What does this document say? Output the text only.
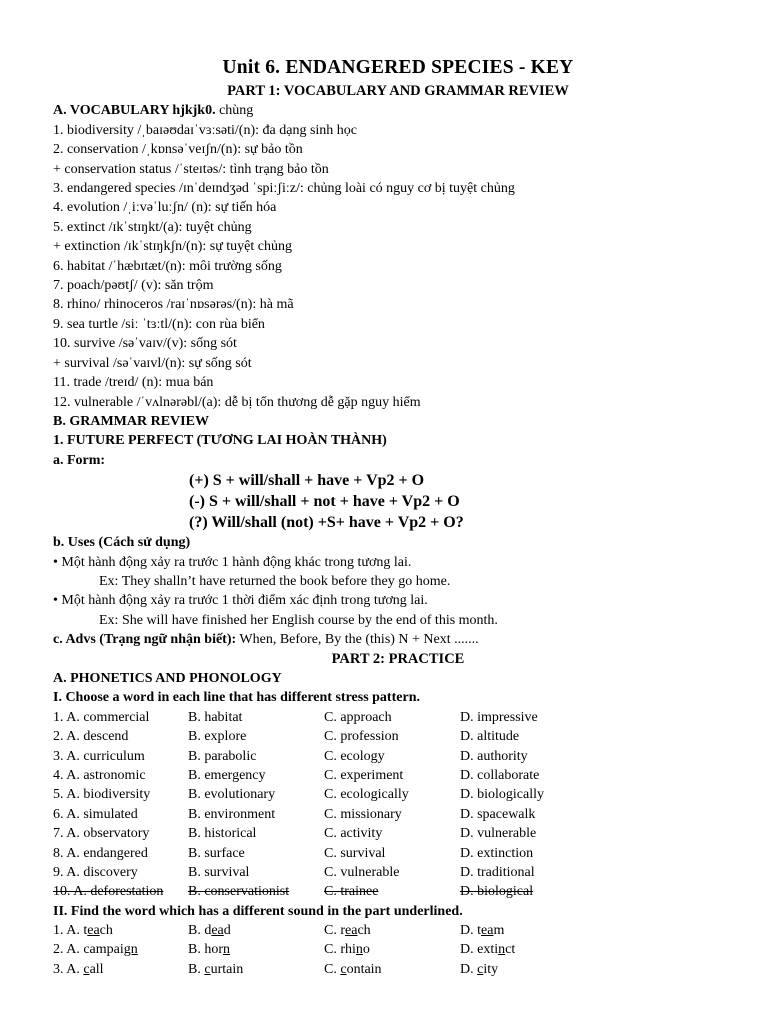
Unit 6. ENDANGERED SPECIES - KEY

PART 1: VOCABULARY AND GRAMMAR REVIEW

A. VOCABULARY hjkjk0. chùng

1. biodiversity /ˌbaɪəʊdaɪˈvɜːsəti/(n): đa dạng sinh học

2. conservation /ˌkɒnsəˈveɪʃn/(n): sự bảo tồn

+ conservation status /ˈsteɪtəs/: tình trạng bảo tồn

3. endangered species /ɪnˈdeɪndʒəd ˈspiːʃiːz/: chủng loài có nguy cơ bị tuyệt chủng

4. evolution /ˌiːvəˈluːʃn/ (n): sự tiến hóa

5. extinct /ɪkˈstɪŋkt/(a): tuyệt chủng

+ extinction /ɪkˈstɪŋkʃn/(n): sự tuyệt chủng

6. habitat /ˈhæbɪtæt/(n): môi trường sống

7. poach/pəʊtʃ/ (v): săn trộm

8. rhino/ rhinoceros /raɪˈnɒsərəs/(n): hà mã

9. sea turtle /siː ˈtɜːtl/(n): con rùa biển

10. survive /səˈvaɪv/(v): sống sót

+ survival /səˈvaɪvl/(n): sự sống sót

11. trade /treɪd/ (n): mua bán

12. vulnerable /ˈvʌlnərəbl/(a): dễ bị tổn thương dễ gặp nguy hiểm

B. GRAMMAR REVIEW

1. FUTURE PERFECT (TƯƠNG LAI HOÀN THÀNH)

a. Form:

(+) S + will/shall + have + Vp2 + O

(-) S + will/shall + not + have + Vp2 + O

(?) Will/shall (not) +S+ have + Vp2 + O?

b. Uses (Cách sử dụng)

• Một hành động xảy ra trước 1 hành động khác trong tương lai.

Ex: They shalln’t have returned the book before they go home.

• Một hành động xảy ra trước 1 thời điểm xác định trong tương lai.

Ex: She will have finished her English course by the end of this month.

c. Advs (Trạng ngữ nhận biết): When, Before, By the (this) N + Next .......

PART 2: PRACTICE

A. PHONETICS AND PHONOLOGY

I. Choose a word in each line that has different stress pattern.

1. A. commercial	B. habitat	C. approach	D. impressive
2. A. descend	B. explore	C. profession	D. altitude
3. A. curriculum	B. parabolic	C. ecology	D. authority
4. A. astronomic	B. emergency	C. experiment	D. collaborate
5. A. biodiversity	B. evolutionary	C. ecologically	D. biologically
6. A. simulated	B. environment	C. missionary	D. spacewalk
7. A. observatory	B. historical	C. activity	D. vulnerable
8. A. endangered	B. surface	C. survival	D. extinction
9. A. discovery	B. survival	C. vulnerable	D. traditional
10. A. deforestation	B. conservationist	C. trainee	D. biological

II. Find the word which has a different sound in the part underlined.

1. A. teach	B. dead	C. reach	D. team
2. A. campaign	B. horn	C. rhino	D. extinct
3. A. call	B. curtain	C. contain	D. city
